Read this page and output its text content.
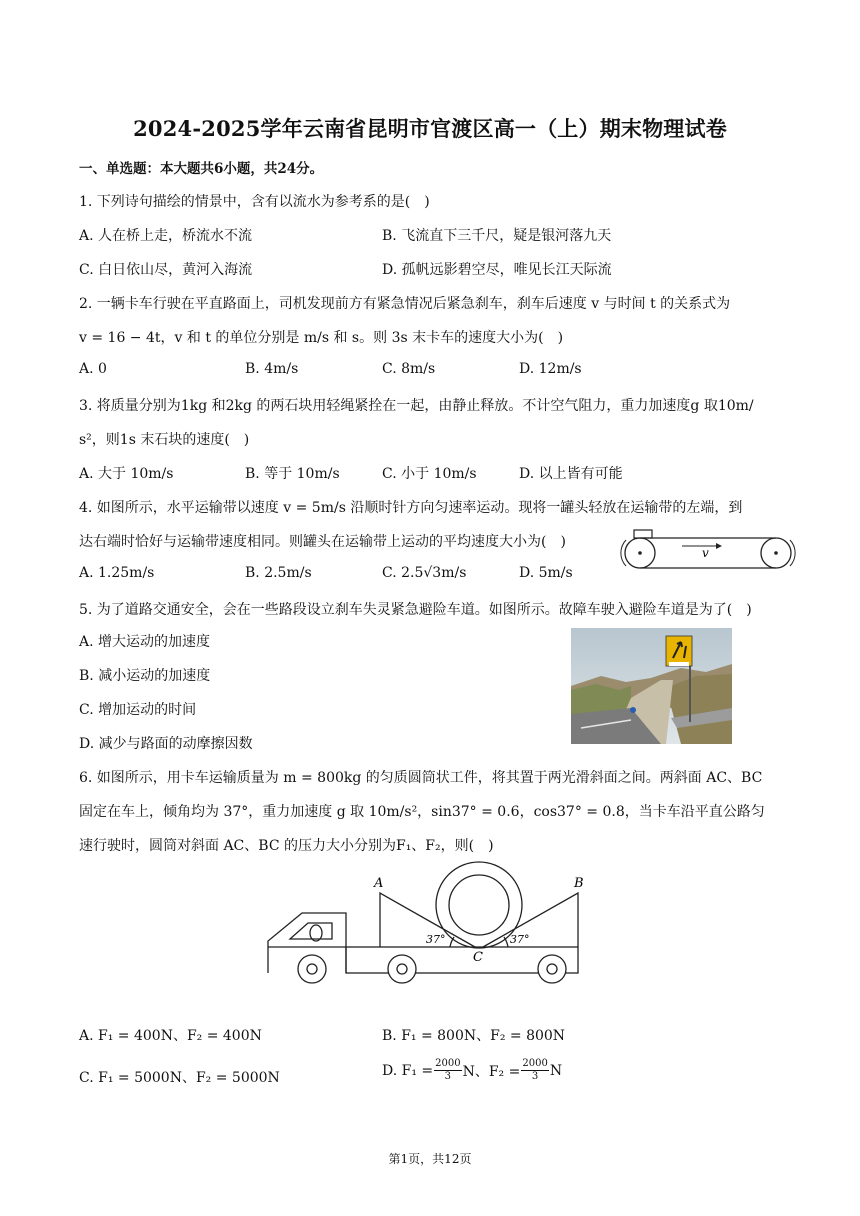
2024-2025学年云南省昆明市官渡区高一（上）期末物理试卷
一、单选题：本大题共6小题，共24分。
1. 下列诗句描绘的情景中，含有以流水为参考系的是(　)
A. 人在桥上走，桥流水不流	B. 飞流直下三千尺，疑是银河落九天
C. 白日依山尽，黄河入海流	D. 孤帆远影碧空尽，唯见长江天际流
2. 一辆卡车行驶在平直路面上，司机发现前方有紧急情况后紧急刹车，刹车后速度 v 与时间 t 的关系式为
v = 16 − 4t，v 和 t 的单位分别是 m/s 和 s。则 3s 末卡车的速度大小为(　)
A. 0	B. 4m/s	C. 8m/s	D. 12m/s
3. 将质量分别为1kg 和2kg 的两石块用轻绳紧拴在一起，由静止释放。不计空气阻力，重力加速度g 取10m/
s²，则1s 末石块的速度(　)
A. 大于 10m/s	B. 等于 10m/s	C. 小于 10m/s	D. 以上皆有可能
4. 如图所示，水平运输带以速度 v = 5m/s 沿顺时针方向匀速率运动。现将一罐头轻放在运输带的左端，到
达右端时恰好与运输带速度相同。则罐头在运输带上运动的平均速度大小为(　)
A. 1.25m/s	B. 2.5m/s	C. 2.5√3m/s	D. 5m/s
v
5. 为了道路交通安全，会在一些路段设立刹车失灵紧急避险车道。如图所示。故障车驶入避险车道是为了(　)
A. 增大运动的加速度
B. 减小运动的加速度
C. 增加运动的时间
D. 减少与路面的动摩擦因数
6. 如图所示，用卡车运输质量为 m = 800kg 的匀质圆筒状工件，将其置于两光滑斜面之间。两斜面 AC、BC
固定在车上，倾角均为 37°，重力加速度 g 取 10m/s²，sin37° = 0.6，cos37° = 0.8，当卡车沿平直公路匀
速行驶时，圆筒对斜面 AC、BC 的压力大小分别为F₁、F₂，则(　)
A	B
C
37°	37°
A. F₁ = 400N、F₂ = 400N	B. F₁ = 800N、F₂ = 800N
C. F₁ = 5000N、F₂ = 5000N	D. $F_1 = \frac{2000}{3}$ N、$F_2 = \frac{2000}{3}$ N
第1页，共12页
